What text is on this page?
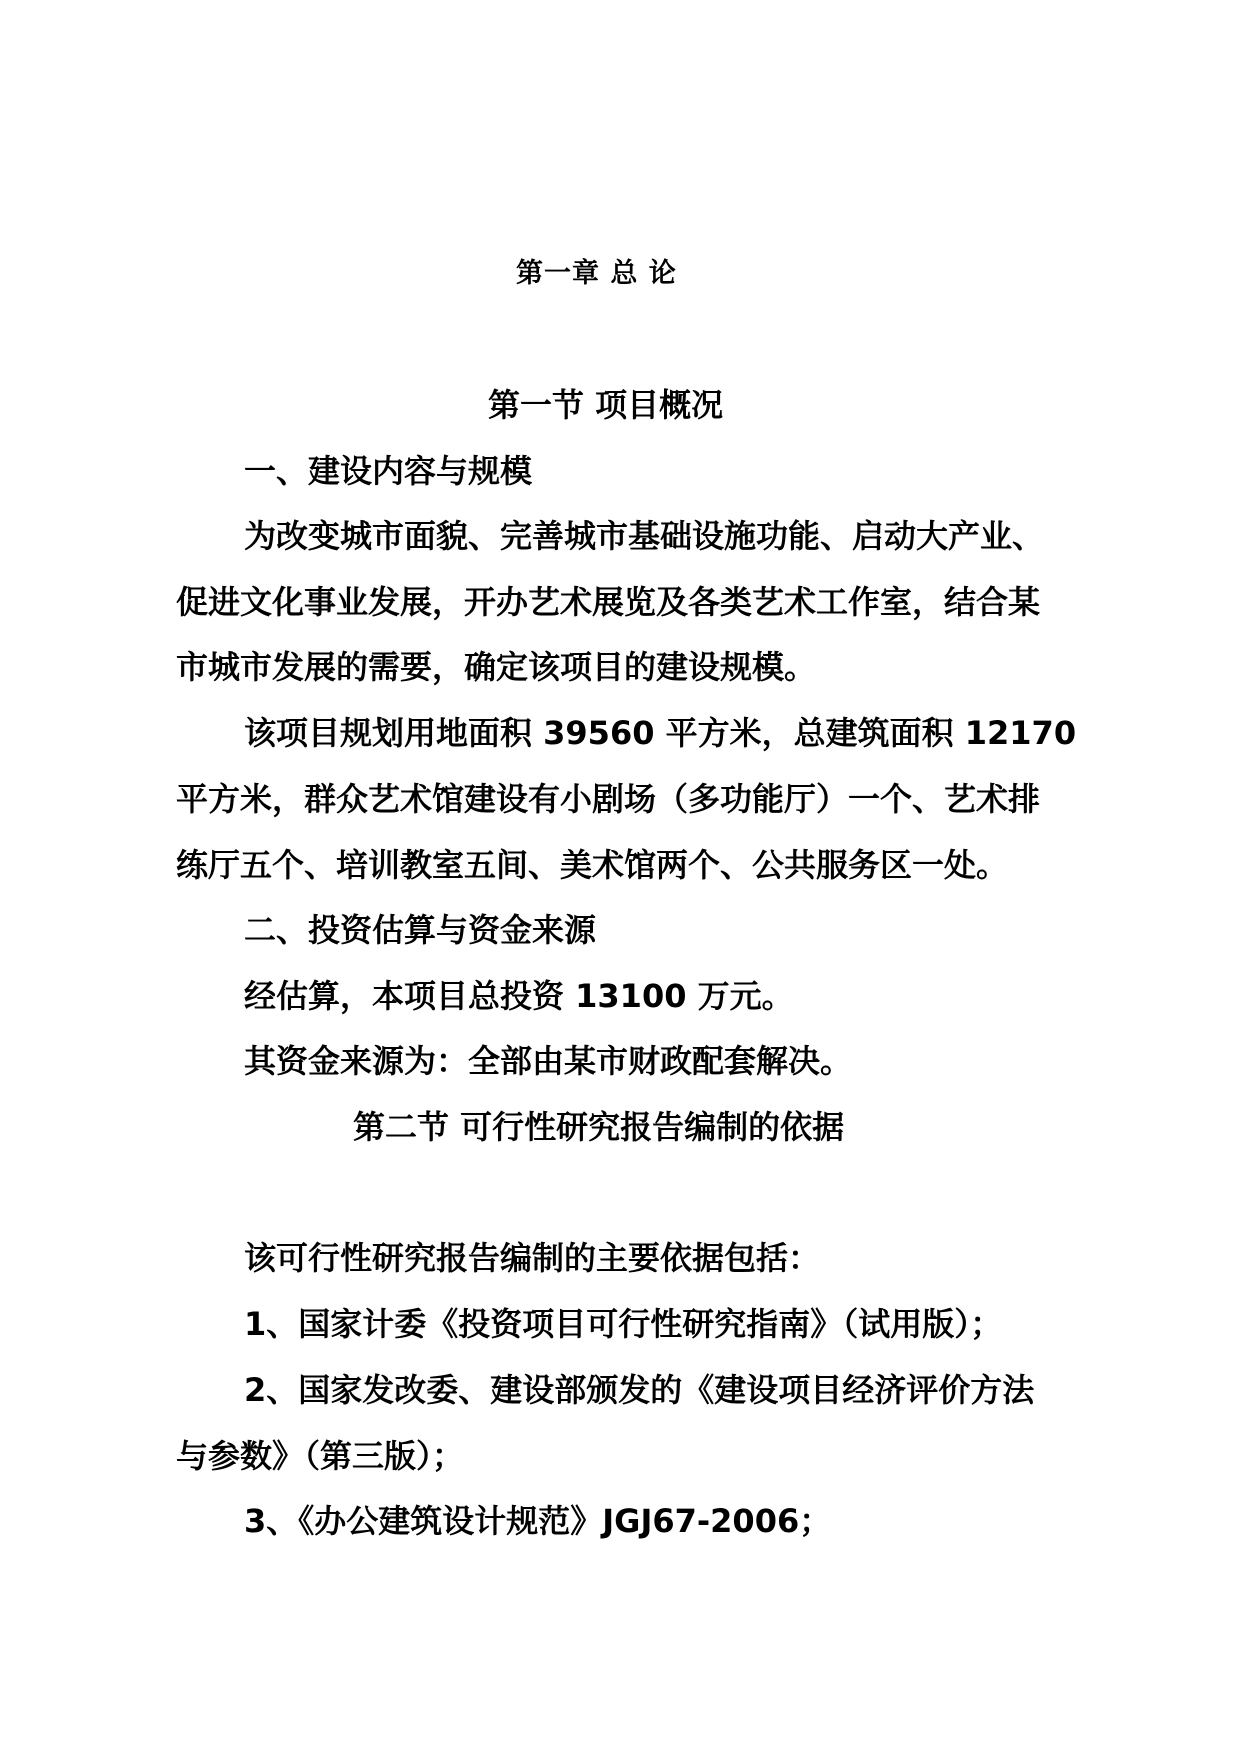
第一章 总 论
第一节 项目概况
一、建设内容与规模
为改变城市面貌、完善城市基础设施功能、启动大产业、
促进文化事业发展，开办艺术展览及各类艺术工作室，结合某
市城市发展的需要，确定该项目的建设规模。
该项目规划用地面积 39560 平方米，总建筑面积 12170
平方米，群众艺术馆建设有小剧场（多功能厅）一个、艺术排
练厅五个、培训教室五间、美术馆两个、公共服务区一处。
二、投资估算与资金来源
经估算，本项目总投资 13100 万元。
其资金来源为：全部由某市财政配套解决。
第二节 可行性研究报告编制的依据
该可行性研究报告编制的主要依据包括：
1、国家计委《投资项目可行性研究指南》（试用版）；
2、国家发改委、建设部颁发的《建设项目经济评价方法
与参数》（第三版）；
3、《办公建筑设计规范》JGJ67-2006；
